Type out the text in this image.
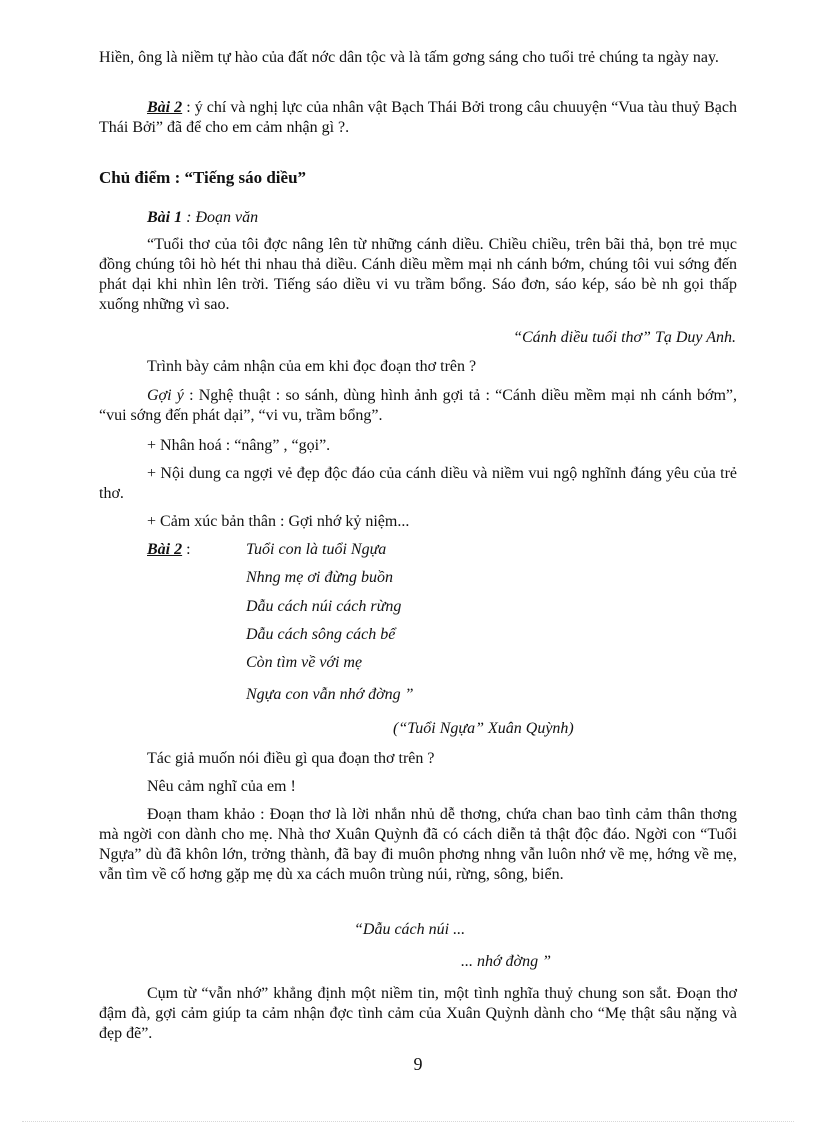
Hiền, ông là niềm tự hào của đất nớc dân tộc và là tấm gơng sáng cho tuổi trẻ chúng ta ngày nay.
Bài 2 : ý chí và nghị lực của nhân vật Bạch Thái Bởi trong câu chuuyện “Vua tàu thuỷ Bạch Thái Bởi” đã để cho em cảm nhận gì ?.
Chủ điểm : “Tiếng sáo diều”
Bài 1 : Đoạn văn
“Tuổi thơ của tôi đợc nâng lên từ những cánh diều. Chiều chiều, trên bãi thả, bọn trẻ mục đồng chúng tôi hò hét thi nhau thả diều. Cánh diều mềm mại nh cánh bớm, chúng tôi vui sớng đến phát dại khi nhìn lên trời. Tiếng sáo diều vi vu trầm bổng. Sáo đơn, sáo kép, sáo bè nh gọi thấp xuống những vì sao.
“Cánh diều tuổi thơ” Tạ Duy Anh.
Trình bày cảm nhận của em khi đọc đoạn thơ trên ?
Gợi ý : Nghệ thuật : so sánh, dùng hình ảnh gợi tả : “Cánh diều mềm mại nh cánh bớm”, “vui sớng đến phát dại”, “vi vu, trầm bổng”.
+ Nhân hoá : “nâng” , “gọi”.
+ Nội dung ca ngợi vẻ đẹp độc đáo của cánh diều và niềm vui ngộ nghĩnh đáng yêu của trẻ thơ.
+ Cảm xúc bản thân : Gợi nhớ kỷ niệm...
Bài 2 :	Tuổi con là tuổi Ngựa
Nhng mẹ ơi đừng buồn
Dẫu cách núi cách rừng
Dẫu cách sông cách bể
Còn tìm về với mẹ
Ngựa con vẫn nhớ đờng ”
(“Tuổi Ngựa” Xuân Quỳnh)
Tác giả muốn nói điều gì qua đoạn thơ trên ?
Nêu cảm nghĩ của em !
Đoạn tham khảo : Đoạn thơ là lời nhắn nhủ dễ thơng, chứa chan bao tình cảm thân thơng mà ngời con dành cho mẹ. Nhà thơ Xuân Quỳnh đã có cách diễn tả thật độc đáo. Ngời con “Tuổi Ngựa” dù đã khôn lớn, trởng thành, đã bay đi muôn phơng nhng vẫn luôn nhớ về mẹ, hớng về mẹ, vẫn tìm về cố hơng gặp mẹ dù xa cách muôn trùng núi, rừng, sông, biển.
“Dẫu cách núi ...
... nhớ đờng ”
Cụm từ “vẫn nhớ” khẳng định một niềm tin, một tình nghĩa thuỷ chung son sắt. Đoạn thơ đậm đà, gợi cảm giúp ta cảm nhận đợc tình cảm của Xuân Quỳnh dành cho “Mẹ thật sâu nặng và đẹp đẽ”.
9
